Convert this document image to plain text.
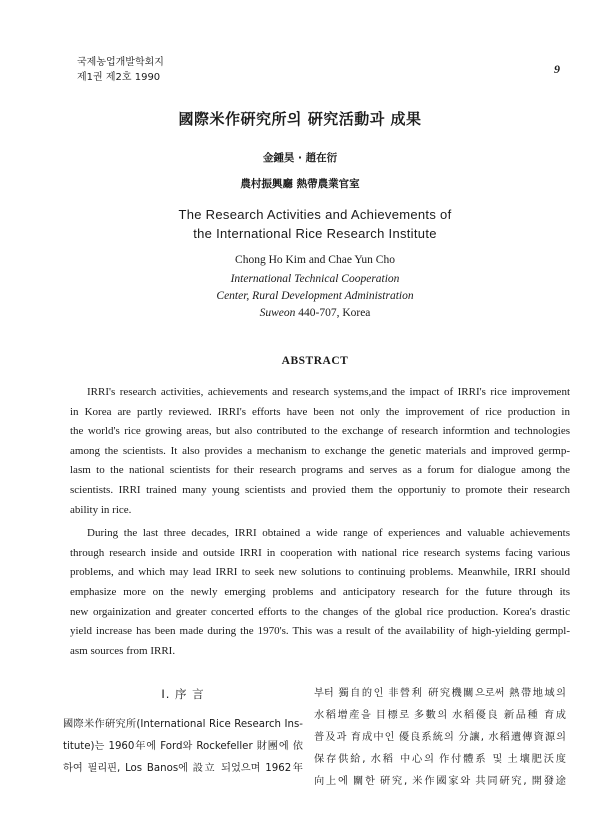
국제농업개발학회지
제1권 제2호 1990
9
國際米作硏究所의 硏究活動과 成果
金鍾昊 · 趙在衍
農村振興廳 熱帶農業官室
The Research Activities and Achievements of
the International Rice Research Institute
Chong Ho Kim and Chae Yun Cho
International Technical Cooperation
Center, Rural Development Administration
Suweon 440-707, Korea
ABSTRACT

IRRI's research activities, achievements and research systems,and the impact of IRRI's rice improvement
in Korea are partly reviewed. IRRI's efforts have been not only the improvement of rice production in
the world's rice growing areas, but also contributed to the exchange of research informtion and technologies
among the scientists. It also provides a mechanism to exchange the genetic materials and improved germp-
lasm to the national scientists for their research programs and serves as a forum for dialogue among the
scientists. IRRI trained many young scientists and provied them the opportuniy to promote their research
ability in rice.

During the last three decades, IRRI obtained a wide range of experiences and valuable achievements
through research inside and outside IRRI in cooperation with national rice research systems facing various
problems, and which may lead IRRI to seek new solutions to continuing problems. Meanwhile, IRRI should
emphasize more on the newly emerging problems and anticipatory research for the future through its
new orgainization and greater concerted efforts to the changes of the global rice production. Korea's drastic
yield increase has been made during the 1970's. This was a result of the availability of high-yielding germpl-
asm sources from IRRI.

Ⅰ. 序 言
國際米作硏究所(International Rice Research Ins-
titute)는 1960年에 Ford와 Rockefeller 財團에 依
하여 필리핀, Los Banos에 設立 되었으며 1962年
부터 獨自的인 非營利 硏究機關으로써 熱帶地域의
水稻增産을 目標로 多數의 水稻優良 新品種 育成
普及과 育成中인 優良系統의 分讓, 水稻遺傳資源의
保存供給, 水稻 中心의 作付體系 및 土壤肥沃度
向上에 關한 硏究, 米作國家와 共同硏究, 開發途
